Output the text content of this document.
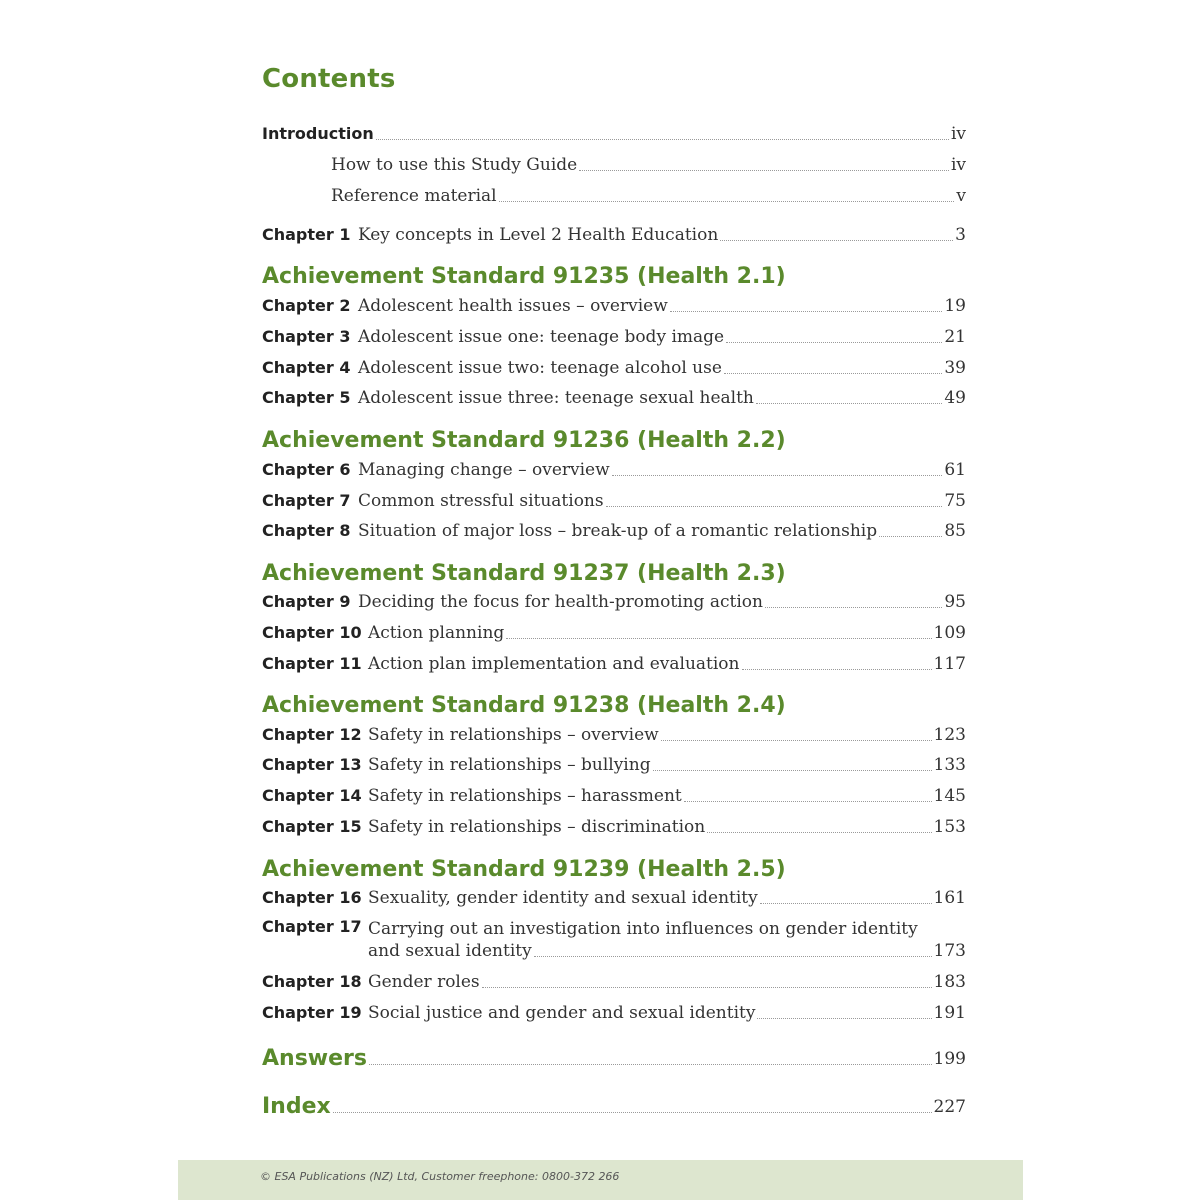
Contents
Introduction	iv
How to use this Study Guide	iv
Reference material	v
Chapter 1 Key concepts in Level 2 Health Education	3
Achievement Standard 91235 (Health 2.1)
Chapter 2 Adolescent health issues – overview	19
Chapter 3 Adolescent issue one: teenage body image	21
Chapter 4 Adolescent issue two: teenage alcohol use	39
Chapter 5 Adolescent issue three: teenage sexual health	49
Achievement Standard 91236 (Health 2.2)
Chapter 6 Managing change – overview	61
Chapter 7 Common stressful situations	75
Chapter 8 Situation of major loss – break-up of a romantic relationship	85
Achievement Standard 91237 (Health 2.3)
Chapter 9 Deciding the focus for health-promoting action	95
Chapter 10 Action planning	109
Chapter 11 Action plan implementation and evaluation	117
Achievement Standard 91238 (Health 2.4)
Chapter 12 Safety in relationships – overview	123
Chapter 13 Safety in relationships – bullying	133
Chapter 14 Safety in relationships – harassment	145
Chapter 15 Safety in relationships – discrimination	153
Achievement Standard 91239 (Health 2.5)
Chapter 16 Sexuality, gender identity and sexual identity	161
Chapter 17 Carrying out an investigation into influences on gender identity
and sexual identity	173
Chapter 18 Gender roles	183
Chapter 19 Social justice and gender and sexual identity	191
Answers	199
Index	227
© ESA Publications (NZ) Ltd, Customer freephone: 0800-372 266
